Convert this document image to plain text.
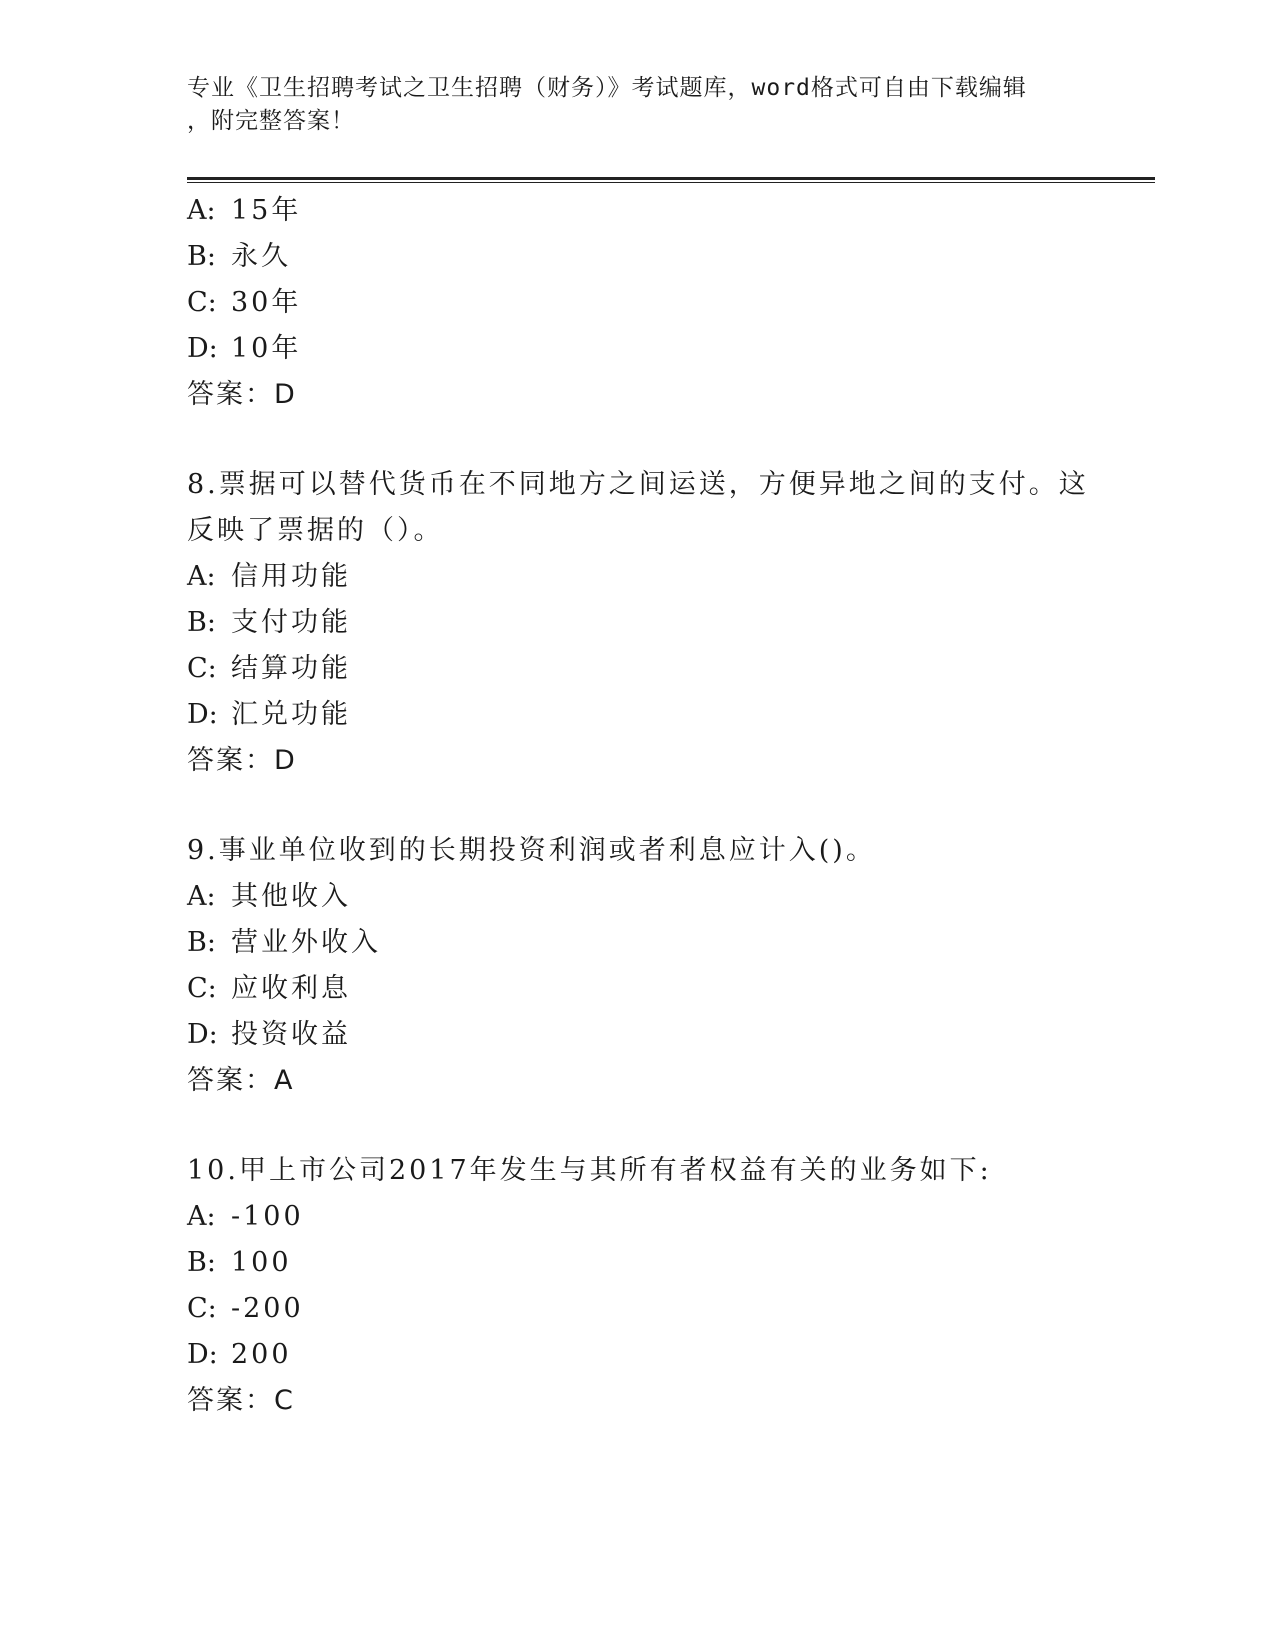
专业《卫生招聘考试之卫生招聘（财务）》考试题库，word格式可自由下载编辑
，附完整答案！
A: 15年
B: 永久
C: 30年
D: 10年
答案：D
8.票据可以替代货币在不同地方之间运送，方便异地之间的支付。这
反映了票据的（）。
A: 信用功能
B: 支付功能
C: 结算功能
D: 汇兑功能
答案：D
9.事业单位收到的长期投资利润或者利息应计入()。
A: 其他收入
B: 营业外收入
C: 应收利息
D: 投资收益
答案：A
10.甲上市公司2017年发生与其所有者权益有关的业务如下:
A: -100
B: 100
C: -200
D: 200
答案：C
